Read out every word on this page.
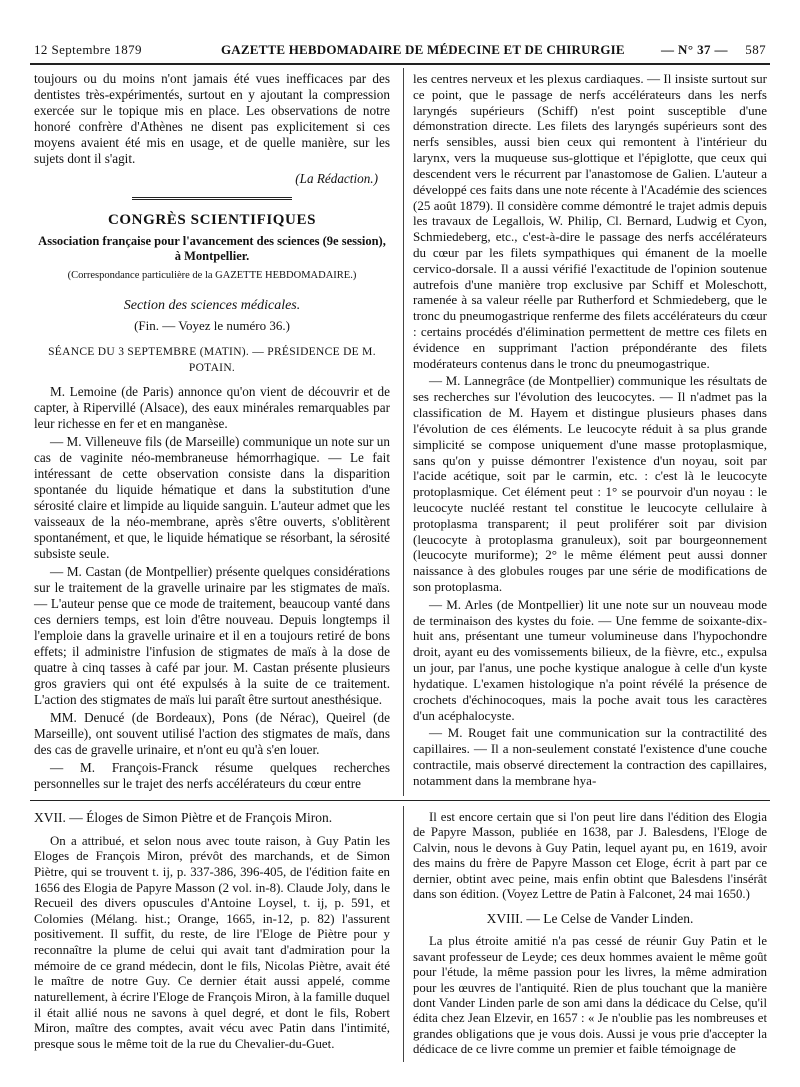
12 Septembre 1879	GAZETTE HEBDOMADAIRE DE MÉDECINE ET DE CHIRURGIE	— N° 37 — 587

toujours ou du moins n'ont jamais été vues inefficaces par des dentistes très-expérimentés, surtout en y ajoutant la compression exercée sur le topique mis en place. Les observations de notre honoré confrère d'Athènes ne disent pas explicitement si ces moyens avaient été mis en usage, et de quelle manière, sur les sujets dont il s'agit.

(La Rédaction.)
CONGRÈS SCIENTIFIQUES
Association française pour l'avancement des sciences (9e session), à Montpellier.
(Correspondance particulière de la GAZETTE HEBDOMADAIRE.)
Section des sciences médicales.
(Fin. — Voyez le numéro 36.)
SÉANCE DU 3 SEPTEMBRE (MATIN). — PRÉSIDENCE DE M. POTAIN.

M. Lemoine (de Paris) annonce qu'on vient de découvrir et de capter, à Ripervillé (Alsace), des eaux minérales remarquables par leur richesse en fer et en manganèse.

— M. Villeneuve fils (de Marseille) communique un note sur un cas de vaginite néo-membraneuse hémorrhagique. — Le fait intéressant de cette observation consiste dans la disparition spontanée du liquide hématique et dans la substitution d'une sérosité claire et limpide au liquide sanguin. L'auteur admet que les vaisseaux de la néo-membrane, après s'être ouverts, s'oblitèrent spontanément, et que, le liquide hématique se résorbant, la sérosité subsiste seule.

— M. Castan (de Montpellier) présente quelques considérations sur le traitement de la gravelle urinaire par les stigmates de maïs. — L'auteur pense que ce mode de traitement, beaucoup vanté dans ces derniers temps, est loin d'être nouveau. Depuis longtemps il l'emploie dans la gravelle urinaire et il en a toujours retiré de bons effets; il administre l'infusion de stigmates de maïs à la dose de quatre à cinq tasses à café par jour. M. Castan présente plusieurs gros graviers qui ont été expulsés à la suite de ce traitement. L'action des stigmates de maïs lui paraît être surtout anesthésique.

MM. Denucé (de Bordeaux), Pons (de Nérac), Queirel (de Marseille), ont souvent utilisé l'action des stigmates de maïs, dans des cas de gravelle urinaire, et n'ont eu qu'à s'en louer.

— M. François-Franck résume quelques recherches personnelles sur le trajet des nerfs accélérateurs du cœur entre

les centres nerveux et les plexus cardiaques. — Il insiste surtout sur ce point, que le passage de nerfs accélérateurs dans les nerfs laryngés supérieurs (Schiff) n'est point susceptible d'une démonstration directe. Les filets des laryngés supérieurs sont des nerfs sensibles, aussi bien ceux qui remontent à l'intérieur du larynx, vers la muqueuse sus-glottique et l'épiglotte, que ceux qui descendent vers le récurrent par l'anastomose de Galien. L'auteur a développé ces faits dans une note récente à l'Académie des sciences (25 août 1879). Il considère comme démontré le trajet admis depuis les travaux de Legallois, W. Philip, Cl. Bernard, Ludwig et Cyon, Schmiedeberg, etc., c'est-à-dire le passage des nerfs accélérateurs du cœur par les filets sympathiques qui émanent de la moelle cervico-dorsale. Il a aussi vérifié l'exactitude de l'opinion soutenue autrefois d'une manière trop exclusive par Schiff et Moleschott, ramenée à sa valeur réelle par Rutherford et Schmiedeberg, que le tronc du pneumogastrique renferme des filets accélérateurs du cœur : certains procédés d'élimination permettent de mettre ces filets en évidence en supprimant l'action prépondérante des filets modérateurs contenus dans le tronc du pneumogastrique.

— M. Lannegrâce (de Montpellier) communique les résultats de ses recherches sur l'évolution des leucocytes. — Il n'admet pas la classification de M. Hayem et distingue plusieurs phases dans l'évolution de ces éléments. Le leucocyte réduit à sa plus grande simplicité se compose uniquement d'une masse protoplasmique, sans qu'on y puisse démontrer l'existence d'un noyau, soit par l'acide acétique, soit par le carmin, etc. : c'est là le leucocyte protoplasmique. Cet élément peut : 1° se pourvoir d'un noyau : le leucocyte nucléé restant tel constitue le leucocyte cellulaire à protoplasma transparent; il peut proliférer soit par division (leucocyte à protoplasma granuleux), soit par bourgeonnement (leucocyte muriforme); 2° le même élément peut aussi donner naissance à des globules rouges par une série de modifications de son protoplasma.

— M. Arles (de Montpellier) lit une note sur un nouveau mode de terminaison des kystes du foie. — Une femme de soixante-dix-huit ans, présentant une tumeur volumineuse dans l'hypochondre droit, ayant eu des vomissements bilieux, de la fièvre, etc., expulsa un jour, par l'anus, une poche kystique analogue à celle d'un kyste hydatique. L'examen histologique n'a point révélé la présence de crochets d'échinocoques, mais la poche avait tous les caractères d'un acéphalocyste.

— M. Rouget fait une communication sur la contractilité des capillaires. — Il a non-seulement constaté l'existence d'une couche contractile, mais observé directement la contraction des capillaires, notamment dans la membrane hya-

XVII. — Éloges de Simon Piètre et de François Miron.

On a attribué, et selon nous avec toute raison, à Guy Patin les Eloges de François Miron, prévôt des marchands, et de Simon Piètre, qui se trouvent t. ij, p. 337-386, 396-405, de l'édition faite en 1656 des Elogia de Papyre Masson (2 vol. in-8). Claude Joly, dans le Recueil des divers opuscules d'Antoine Loysel, t. ij, p. 591, et Colomies (Mélang. hist.; Orange, 1665, in-12, p. 82) l'assurent positivement. Il suffit, du reste, de lire l'Eloge de Piètre pour y reconnaître la plume de celui qui avait tant d'admiration pour la mémoire de ce grand médecin, dont le fils, Nicolas Piètre, avait été le maître de notre Guy. Ce dernier était aussi appelé, comme naturellement, à écrire l'Eloge de François Miron, à la famille duquel il était allié nous ne savons à quel degré, et dont le fils, Robert Miron, maître des comptes, avait vécu avec Patin dans l'intimité, presque sous le même toit de la rue du Chevalier-du-Guet.

Il est encore certain que si l'on peut lire dans l'édition des Elogia de Papyre Masson, publiée en 1638, par J. Balesdens, l'Eloge de Calvin, nous le devons à Guy Patin, lequel ayant pu, en 1619, avoir des mains du frère de Papyre Masson cet Eloge, écrit à part par ce dernier, obtint avec peine, mais enfin obtint que Balesdens l'insérât dans son édition. (Voyez Lettre de Patin à Falconet, 24 mai 1650.)

XVIII. — Le Celse de Vander Linden.

La plus étroite amitié n'a pas cessé de réunir Guy Patin et le savant professeur de Leyde; ces deux hommes avaient le même goût pour l'étude, la même passion pour les livres, la même admiration pour les œuvres de l'antiquité. Rien de plus touchant que la manière dont Vander Linden parle de son ami dans la dédicace du Celse, qu'il édita chez Jean Elzevir, en 1657 : « Je n'oublie pas les nombreuses et grandes obligations que je vous dois. Aussi je vous prie d'accepter la dédicace de ce livre comme un premier et faible témoignage de
